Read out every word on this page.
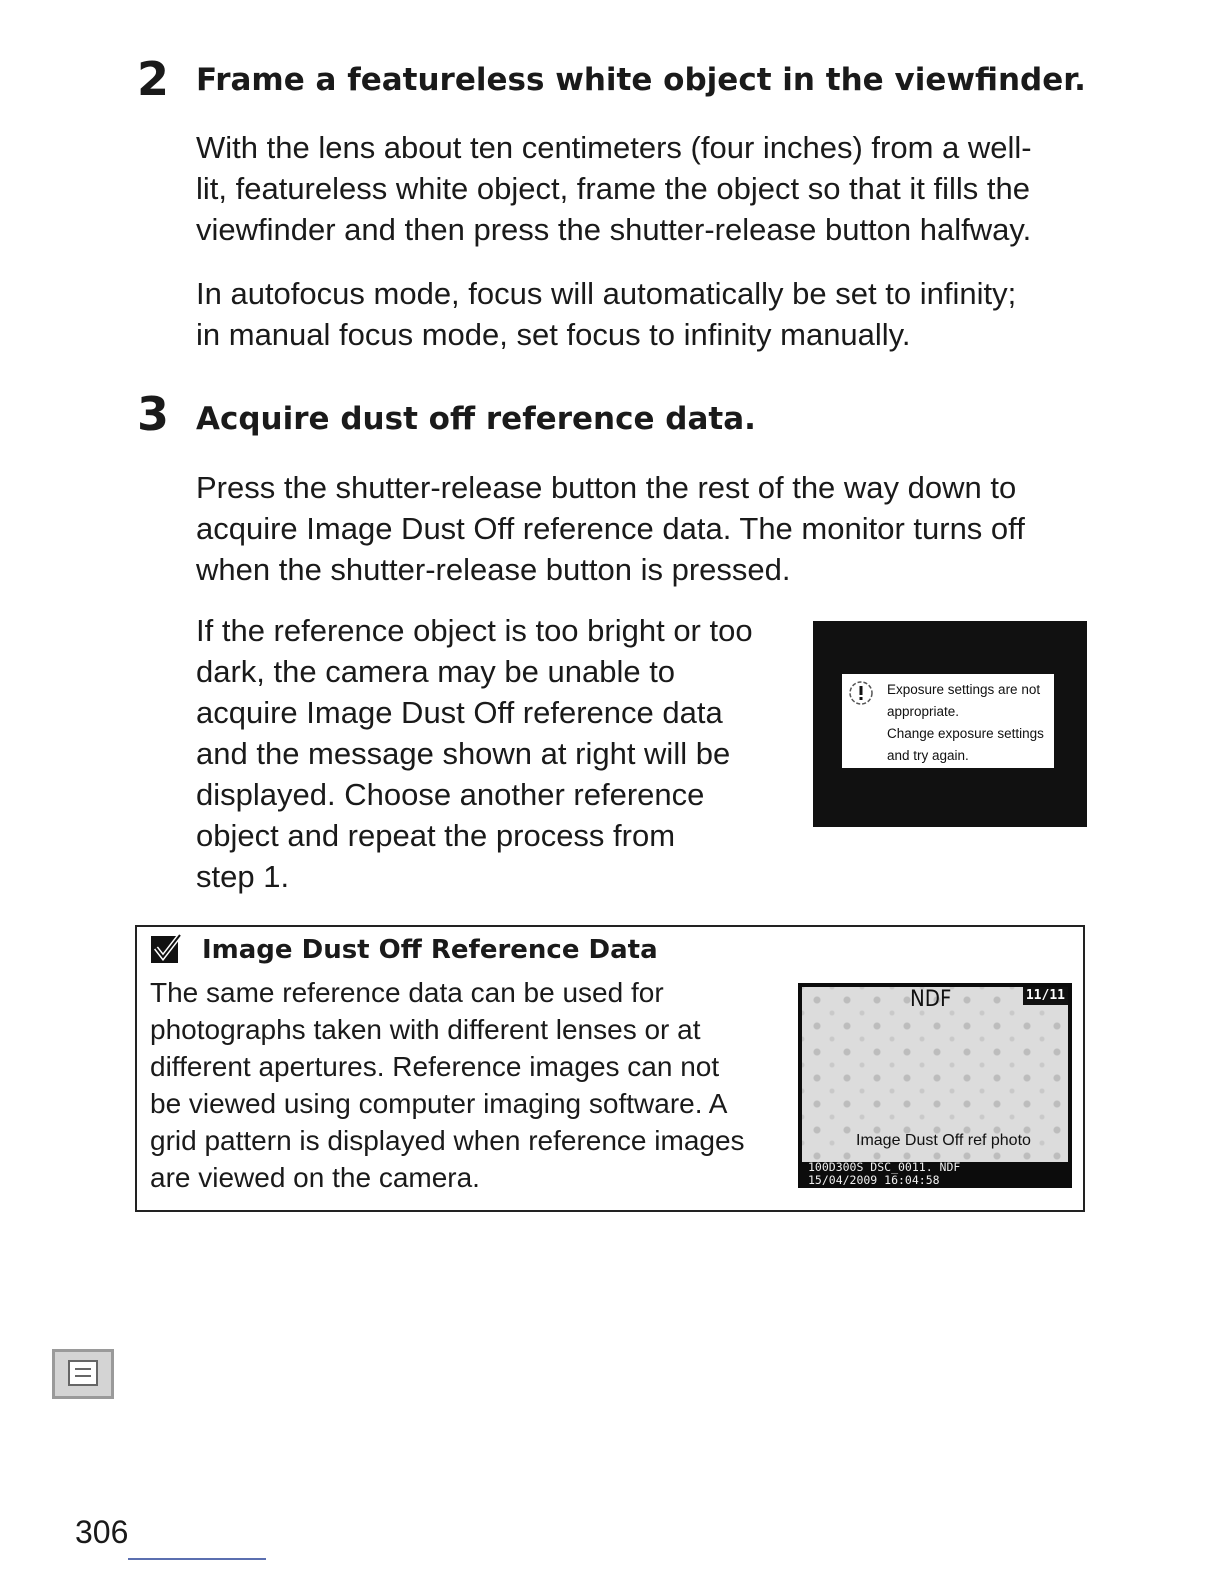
2 Frame a featureless white object in the viewfinder.

With the lens about ten centimeters (four inches) from a well-
lit, featureless white object, frame the object so that it fills the
viewfinder and then press the shutter-release button halfway.

In autofocus mode, focus will automatically be set to infinity;
in manual focus mode, set focus to infinity manually.

3 Acquire dust off reference data.

Press the shutter-release button the rest of the way down to
acquire Image Dust Off reference data. The monitor turns off
when the shutter-release button is pressed.

If the reference object is too bright or too
dark, the camera may be unable to
acquire Image Dust Off reference data
and the message shown at right will be
displayed. Choose another reference
object and repeat the process from
step 1.

Exposure settings are not
appropriate.
Change exposure settings
and try again.
Image Dust Off Reference Data
The same reference data can be used for
photographs taken with different lenses or at
different apertures. Reference images can not
be viewed using computer imaging software. A
grid pattern is displayed when reference images
are viewed on the camera.
NDF	11/11
Image Dust Off ref photo
100D300S DSC_0011. NDF
15/04/2009 16:04:58
306
